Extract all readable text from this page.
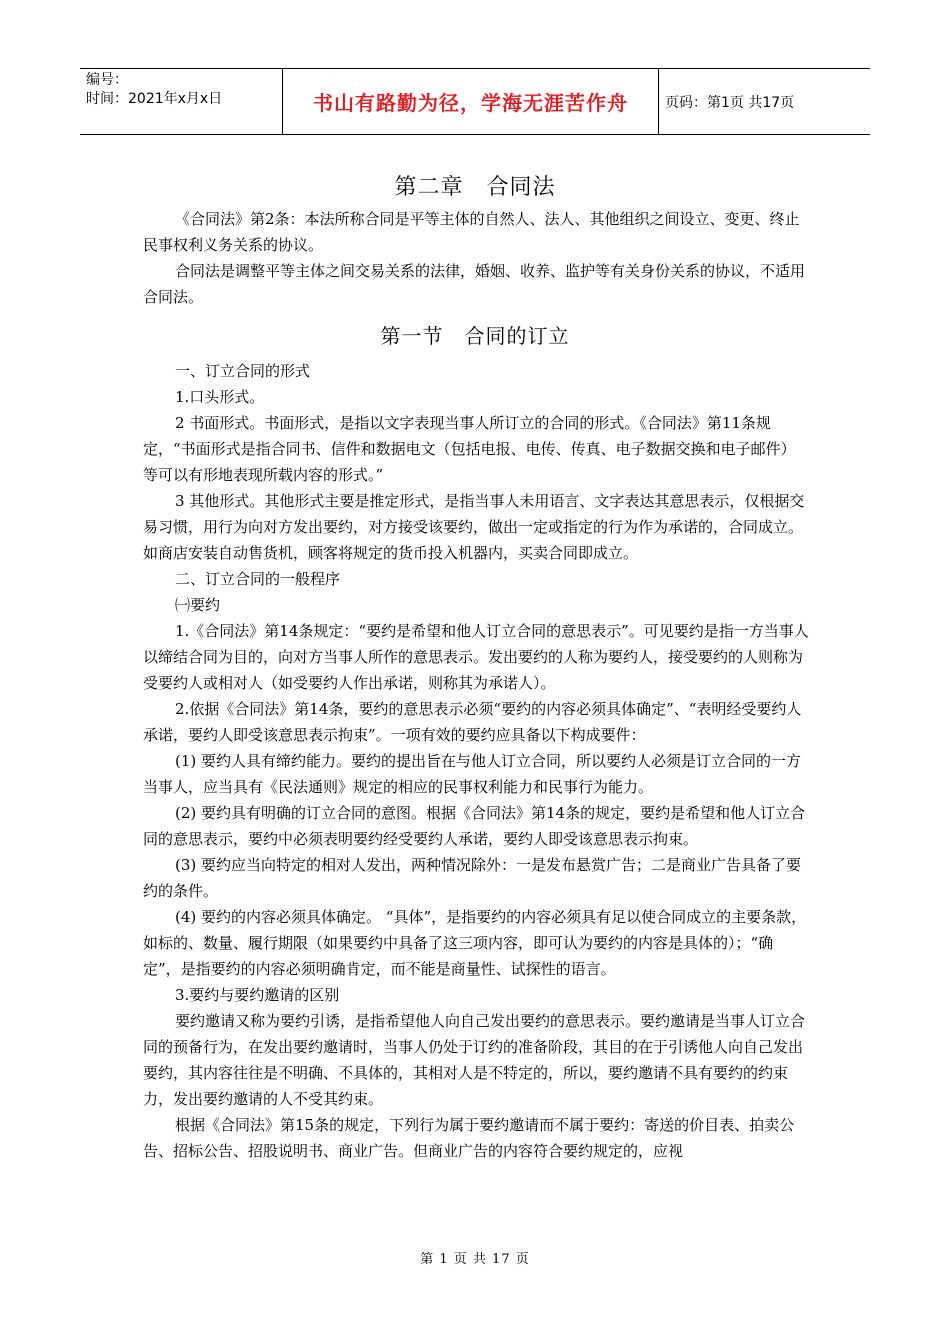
编号：
时间：2021年x月x日	书山有路勤为径，学海无涯苦作舟	页码：第1页 共17页
第二章　合同法

《合同法》第2条：本法所称合同是平等主体的自然人、法人、其他组织之间设立、变更、终止民事权利义务关系的协议。

合同法是调整平等主体之间交易关系的法律，婚姻、收养、监护等有关身份关系的协议，不适用合同法。

第一节　合同的订立

一、订立合同的形式

1.口头形式。

2 书面形式。书面形式，是指以文字表现当事人所订立的合同的形式。《合同法》第11条规定，“书面形式是指合同书、信件和数据电文（包括电报、电传、传真、电子数据交换和电子邮件）等可以有形地表现所载内容的形式。”

3 其他形式。其他形式主要是推定形式，是指当事人未用语言、文字表达其意思表示，仅根据交易习惯，用行为向对方发出要约，对方接受该要约，做出一定或指定的行为作为承诺的，合同成立。如商店安装自动售货机，顾客将规定的货币投入机器内，买卖合同即成立。

二、订立合同的一般程序

㈠要约

1.《合同法》第14条规定：“要约是希望和他人订立合同的意思表示”。可见要约是指一方当事人以缔结合同为目的，向对方当事人所作的意思表示。发出要约的人称为要约人，接受要约的人则称为受要约人或相对人（如受要约人作出承诺，则称其为承诺人）。

2.依据《合同法》第14条，要约的意思表示必须“要约的内容必须具体确定”、“表明经受要约人承诺，要约人即受该意思表示拘束”。一项有效的要约应具备以下构成要件：

(1) 要约人具有缔约能力。要约的提出旨在与他人订立合同，所以要约人必须是订立合同的一方当事人，应当具有《民法通则》规定的相应的民事权利能力和民事行为能力。

(2) 要约具有明确的订立合同的意图。根据《合同法》第14条的规定，要约是希望和他人订立合同的意思表示，要约中必须表明要约经受要约人承诺，要约人即受该意思表示拘束。

(3) 要约应当向特定的相对人发出，两种情况除外：一是发布悬赏广告；二是商业广告具备了要约的条件。

(4) 要约的内容必须具体确定。 “具体”，是指要约的内容必须具有足以使合同成立的主要条款，如标的、数量、履行期限（如果要约中具备了这三项内容，即可认为要约的内容是具体的）；“确定”，是指要约的内容必须明确肯定，而不能是商量性、试探性的语言。

3.要约与要约邀请的区别

要约邀请又称为要约引诱，是指希望他人向自己发出要约的意思表示。要约邀请是当事人订立合同的预备行为，在发出要约邀请时，当事人仍处于订约的准备阶段，其目的在于引诱他人向自己发出要约，其内容往往是不明确、不具体的，其相对人是不特定的，所以，要约邀请不具有要约的约束力，发出要约邀请的人不受其约束。

根据《合同法》第15条的规定，下列行为属于要约邀请而不属于要约：寄送的价目表、拍卖公告、招标公告、招股说明书、商业广告。但商业广告的内容符合要约规定的，应视

第 1 页 共 17 页
